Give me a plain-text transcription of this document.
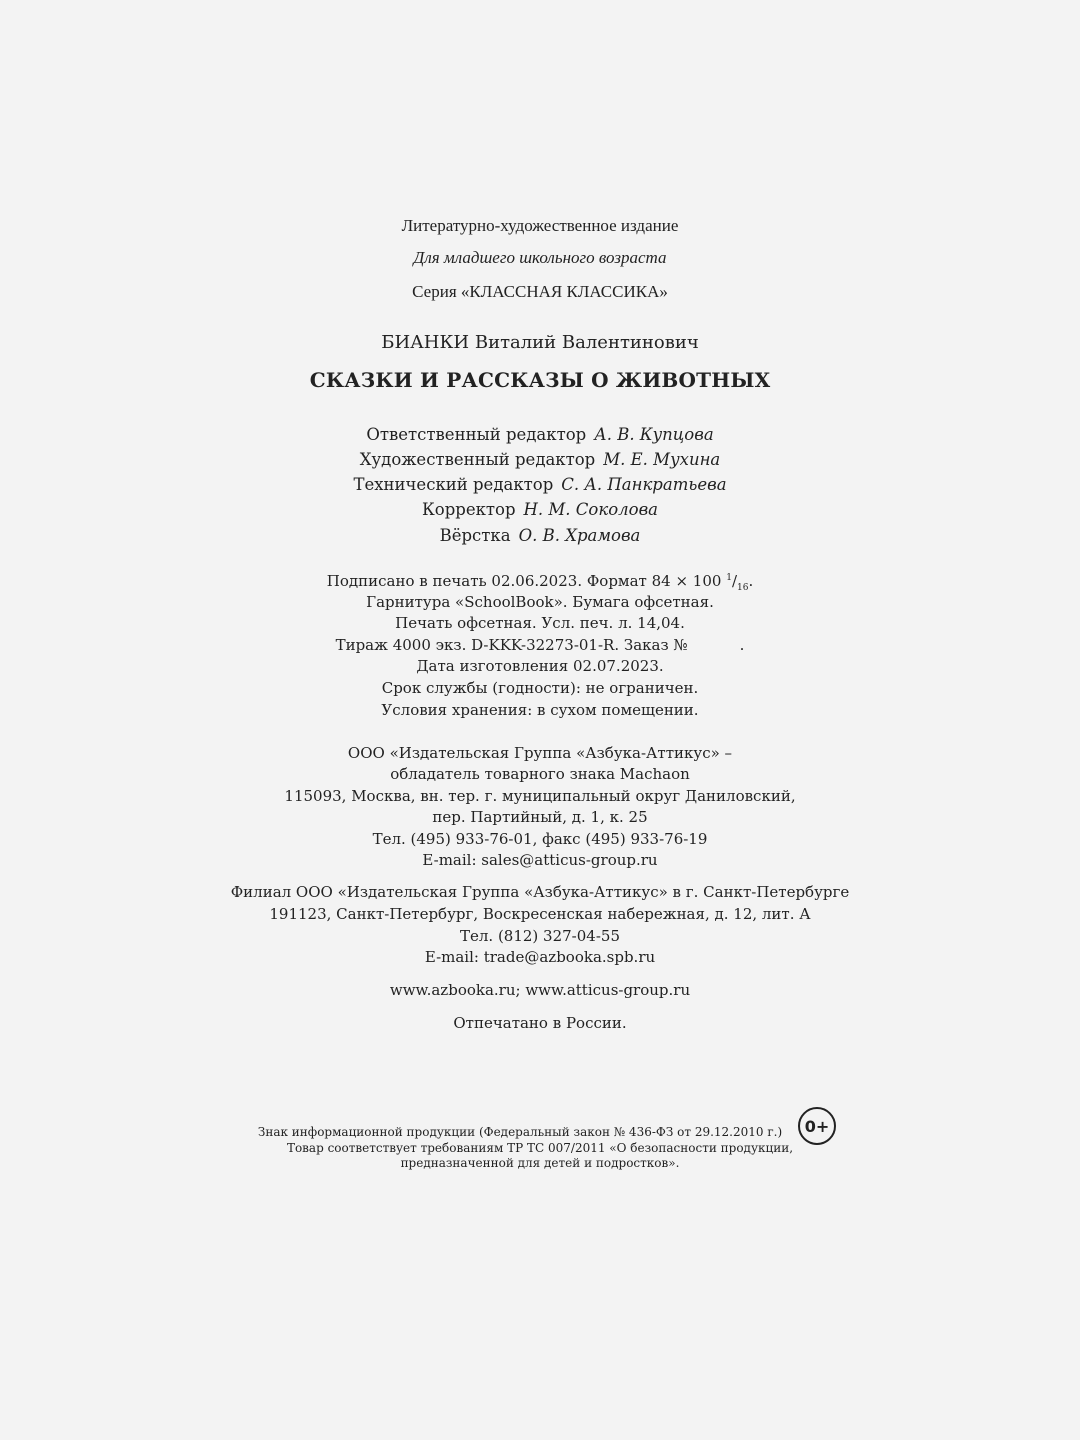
Литературно-художественное издание
Для младшего школьного возраста
Серия «КЛАССНАЯ КЛАССИКА»
БИАНКИ Виталий Валентинович
СКАЗКИ И РАССКАЗЫ О ЖИВОТНЫХ
Ответственный редактор А. В. Купцова
Художественный редактор М. Е. Мухина
Технический редактор С. А. Панкратьева
Корректор Н. М. Соколова
Вёрстка О. В. Храмова
Подписано в печать 02.06.2023. Формат 84 × 100 $^1/_{16}$.
Гарнитура «SchoolBook». Бумага офсетная.
Печать офсетная. Усл. печ. л. 14,04.
Тираж 4000 экз. D-KKK-32273-01-R. Заказ №	.
Дата изготовления 02.07.2023.
Срок службы (годности): не ограничен.
Условия хранения: в сухом помещении.
ООО «Издательская Группа «Азбука-Аттикус» –
обладатель товарного знака Machaon
115093, Москва, вн. тер. г. муниципальный округ Даниловский,
пер. Партийный, д. 1, к. 25
Тел. (495) 933-76-01, факс (495) 933-76-19
E-mail: sales@atticus-group.ru
Филиал ООО «Издательская Группа «Азбука-Аттикус» в г. Санкт-Петербурге
191123, Санкт-Петербург, Воскресенская набережная, д. 12, лит. А
Тел. (812) 327-04-55
E-mail: trade@azbooka.spb.ru
www.azbooka.ru; www.atticus-group.ru
Отпечатано в России.
Знак информационной продукции (Федеральный закон № 436-ФЗ от 29.12.2010 г.)
Товар соответствует требованиям ТР ТС 007/2011 «О безопасности продукции,
предназначенной для детей и подростков».
0+
